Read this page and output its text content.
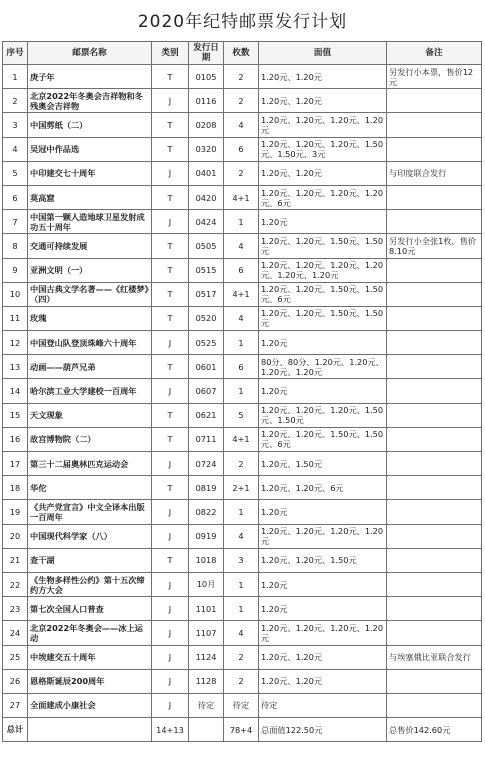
2020年纪特邮票发行计划
序号	邮票名称	类别	发行日期	枚数	面值	备注
1	庚子年	T	0105	2	1.20元、1.20元	另发行小本票，售价12元
2	北京2022年冬奥会吉祥物和冬残奥会吉祥物	J	0116	2	1.20元、1.20元	
3	中国剪纸（二）	T	0208	4	1.20元、1.20元、1.20元、1.20元	
4	吴冠中作品选	T	0320	6	1.20元、1.20元、1.20元、1.50元、1.50元、3元	
5	中印建交七十周年	J	0401	2	1.20元、1.20元	与印度联合发行
6	莫高窟	T	0420	4+1	1.20元、1.20元、1.20元、1.20元、6元	
7	中国第一颗人造地球卫星发射成功五十周年	J	0424	1	1.20元	
8	交通可持续发展	T	0505	4	1.20元、1.20元、1.50元、1.50元	另发行小全张1枚，售价8.10元
9	亚洲文明（一）	T	0515	6	1.20元、1.20元、1.20元、1.20元、1.20元、1.20元	
10	中国古典文学名著——《红楼梦》（四）	T	0517	4+1	1.20元、1.20元、1.50元、1.50元、6元	
11	玫瑰	T	0520	4	1.20元、1.20元、1.50元、1.50元	
12	中国登山队登顶珠峰六十周年	J	0525	1	1.20元	
13	动画——葫芦兄弟	T	0601	6	80分、80分、1.20元、1.20元、1.20元、1.20元	
14	哈尔滨工业大学建校一百周年	J	0607	1	1.20元	
15	天文现象	T	0621	5	1.20元、1.20元、1.20元、1.50元、1.50元	
16	故宫博物院（二）	T	0711	4+1	1.20元、1.20元、1.50元、1.50元、6元	
17	第三十二届奥林匹克运动会	J	0724	2	1.20元、1.50元	
18	华佗	T	0819	2+1	1.20元、1.20元、6元	
19	《共产党宣言》中文全译本出版一百周年	J	0822	1	1.20元	
20	中国现代科学家（八）	J	0919	4	1.20元、1.20元、1.20元、1.20元	
21	查干湖	T	1018	3	1.20元、1.20元、1.50元	
22	《生物多样性公约》第十五次缔约方大会	J	10月	1	1.20元	
23	第七次全国人口普查	J	1101	1	1.20元	
24	北京2022年冬奥会——冰上运动	J	1107	4	1.20元、1.20元、1.20元、1.20元	
25	中埃建交五十周年	J	1124	2	1.20元、1.20元	与埃塞俄比亚联合发行
26	恩格斯诞辰200周年	J	1128	2	1.20元、1.20元	
27	全面建成小康社会	J	待定	待定	待定	
总计		14+13		78+4	总面值122.50元	总售价142.60元
